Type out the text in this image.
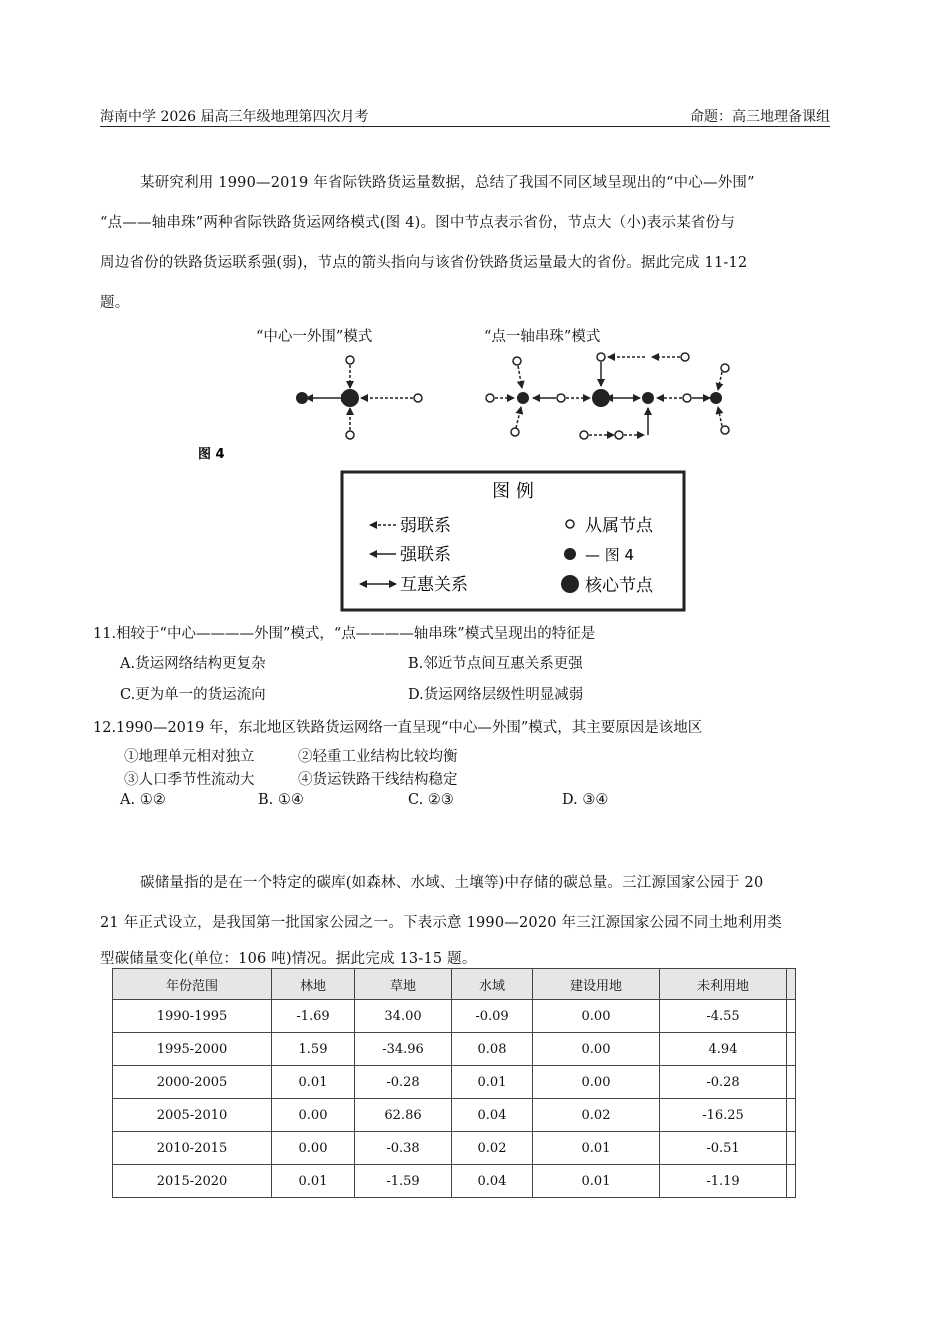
海南中学 2026 届高三年级地理第四次月考	命题：高三地理备课组
某研究利用 1990—2019 年省际铁路货运量数据，总结了我国不同区域呈现出的“中心—外围”
“点——轴串珠”两种省际铁路货运网络模式(图 4)。图中节点表示省份，节点大（小)表示某省份与
周边省份的铁路货运联系强(弱)，节点的箭头指向与该省份铁路货运量最大的省份。据此完成 11-12
题。
“中心一外围”模式	“点一轴串珠”模式
图 4
图 例
弱联系
强联系
互惠关系
从属节点
— 图 4
核心节点
11.相较于“中心————外围”模式，“点————轴串珠”模式呈现出的特征是
A.货运网络结构更复杂	B.邻近节点间互惠关系更强
C.更为单一的货运流向	D.货运网络层级性明显减弱
12.1990—2019 年，东北地区铁路货运网络一直呈现“中心—外围”模式，其主要原因是该地区
①地理单元相对独立	②轻重工业结构比较均衡
③人口季节性流动大	④货运铁路干线结构稳定
A. ①②	B. ①④	C. ②③	D. ③④
碳储量指的是在一个特定的碳库(如森林、水域、土壤等)中存储的碳总量。三江源国家公园于 20
21 年正式设立，是我国第一批国家公园之一。下表示意 1990—2020 年三江源国家公园不同土地利用类
型碳储量变化(单位：106 吨)情况。据此完成 13-15 题。
年份范围	林地	草地	水域	建设用地	未利用地	
1990-1995	-1.69	34.00	-0.09	0.00	-4.55	
1995-2000	1.59	-34.96	0.08	0.00	4.94	
2000-2005	0.01	-0.28	0.01	0.00	-0.28	
2005-2010	0.00	62.86	0.04	0.02	-16.25	
2010-2015	0.00	-0.38	0.02	0.01	-0.51	
2015-2020	0.01	-1.59	0.04	0.01	-1.19	
